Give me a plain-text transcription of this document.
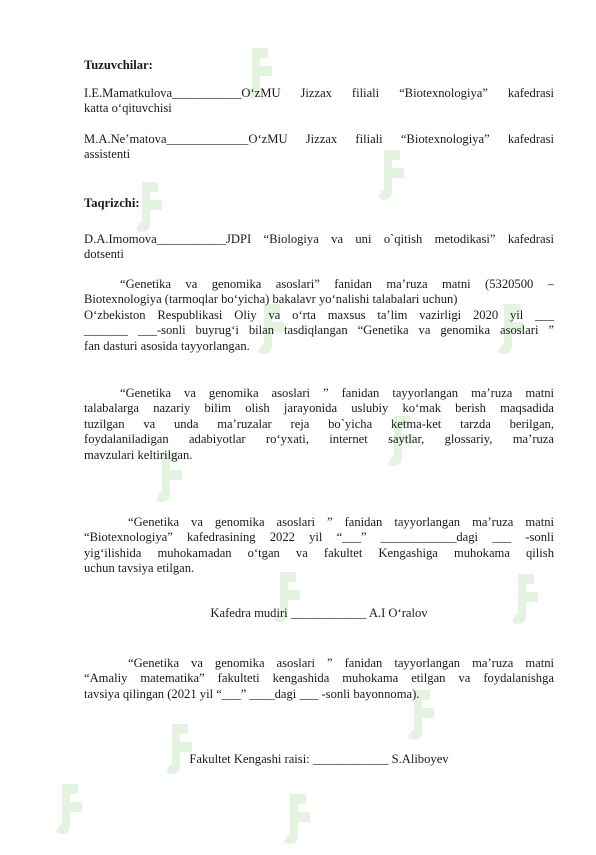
Tuzuvchilar:
I.E.Mamatkulova___________O‘zMU Jizzax filiali “Biotexnologiya” kafedrasi
katta o‘qituvchisi
M.A.Ne’matova_____________O‘zMU Jizzax filiali “Biotexnologiya” kafedrasi
assistenti
Taqrizchi:
D.A.Imomova___________JDPI “Biologiya va uni o`qitish metodikasi” kafedrasi
dotsenti
“Genetika va genomika asoslari” fanidan ma’ruza matni (5320500 –
Biotexnologiya (tarmoqlar bo‘yicha) bakalavr yo‘nalishi talabalari uchun)
O‘zbekiston Respublikasi Oliy va o‘rta maxsus ta’lim vazirligi 2020 yil ___
_______ ___-sonli buyrug‘i bilan tasdiqlangan “Genetika va genomika asoslari ”
fan dasturi asosida tayyorlangan.
“Genetika va genomika asoslari ” fanidan tayyorlangan ma’ruza matni
talabalarga nazariy bilim olish jarayonida uslubiy ko‘mak berish maqsadida
tuzilgan va unda ma’ruzalar reja bo`yicha ketma-ket tarzda berilgan,
foydalaniladigan adabiyotlar ro‘yxati, internet saytlar, glossariy, ma’ruza
mavzulari keltirilgan.
“Genetika va genomika asoslari ” fanidan tayyorlangan ma’ruza matni
“Biotexnologiya” kafedrasining 2022 yil “___” ____________dagi ___ -sonli
yig‘ilishida muhokamadan o‘tgan va fakultet Kengashiga muhokama qilish
uchun tavsiya etilgan.
Kafedra mudiri ____________ A.I O‘ralov
“Genetika va genomika asoslari ” fanidan tayyorlangan ma’ruza matni
“Amaliy matematika” fakulteti kengashida muhokama etilgan va foydalanishga
tavsiya qilingan (2021 yil “___” ____dagi ___ -sonli bayonnoma).
Fakultet Kengashi raisi: ____________ S.Aliboyev
